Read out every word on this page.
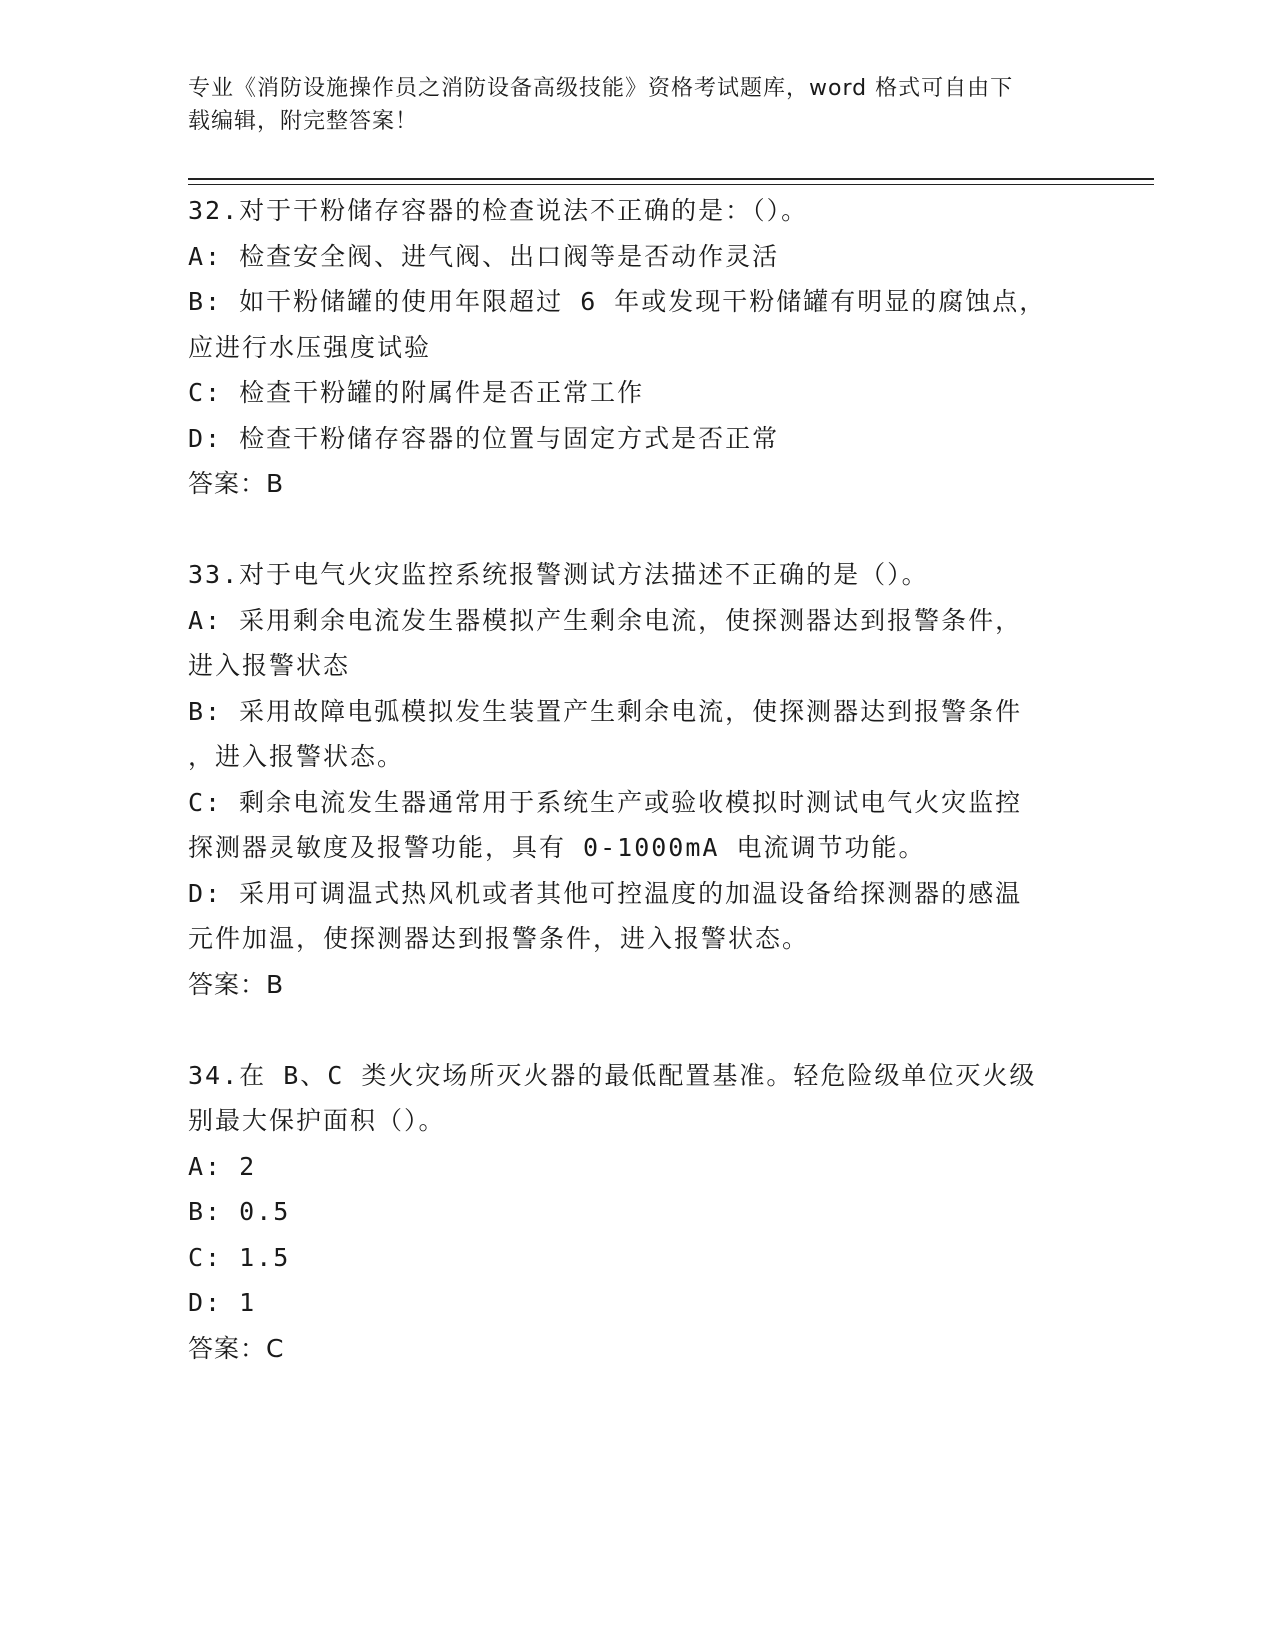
专业《消防设施操作员之消防设备高级技能》资格考试题库，word 格式可自由下
载编辑，附完整答案！
32.对于干粉储存容器的检查说法不正确的是：（）。
A: 检查安全阀、进气阀、出口阀等是否动作灵活
B: 如干粉储罐的使用年限超过 6 年或发现干粉储罐有明显的腐蚀点，
应进行水压强度试验
C: 检查干粉罐的附属件是否正常工作
D: 检查干粉储存容器的位置与固定方式是否正常
答案：B
33.对于电气火灾监控系统报警测试方法描述不正确的是（）。
A: 采用剩余电流发生器模拟产生剩余电流，使探测器达到报警条件，
进入报警状态
B: 采用故障电弧模拟发生装置产生剩余电流，使探测器达到报警条件
，进入报警状态。
C: 剩余电流发生器通常用于系统生产或验收模拟时测试电气火灾监控
探测器灵敏度及报警功能，具有 0-1000mA 电流调节功能。
D: 采用可调温式热风机或者其他可控温度的加温设备给探测器的感温
元件加温，使探测器达到报警条件，进入报警状态。
答案：B
34.在 B、C 类火灾场所灭火器的最低配置基准。轻危险级单位灭火级
别最大保护面积（）。
A: 2
B: 0.5
C: 1.5
D: 1
答案：C
